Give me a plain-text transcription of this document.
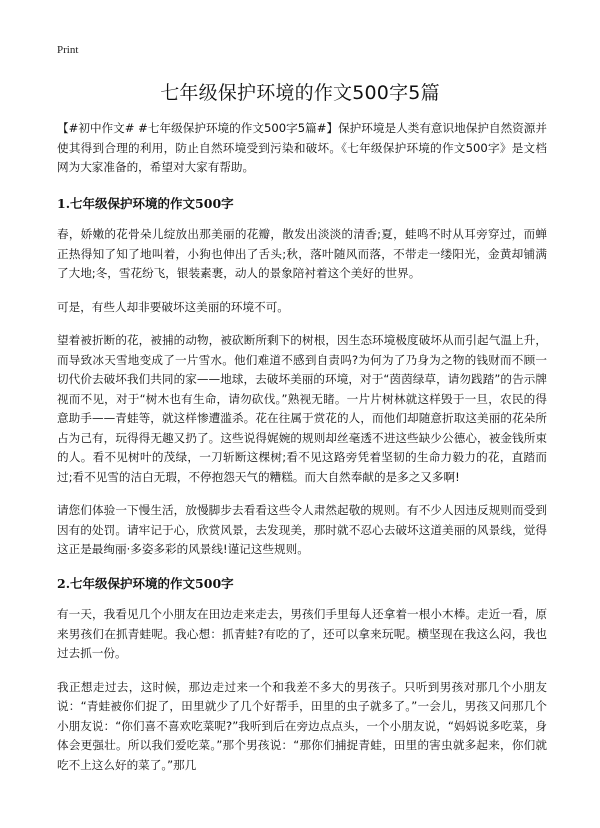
Print
七年级保护环境的作文500字5篇

【#初中作文# #七年级保护环境的作文500字5篇#】保护环境是人类有意识地保护自然资源并使其得到合理的利用，防止自然环境受到污染和破坏。《七年级保护环境的作文500字》是文档网为大家准备的，希望对大家有帮助。

1.七年级保护环境的作文500字

春，娇嫩的花骨朵儿绽放出那美丽的花瓣，散发出淡淡的清香;夏，蛙鸣不时从耳旁穿过，而蝉正热得知了知了地叫着，小狗也伸出了舌头;秋，落叶随风而落，不带走一缕阳光，金黄却铺满了大地;冬，雪花纷飞，银装素裹，动人的景象陪衬着这个美好的世界。

可是，有些人却非要破坏这美丽的环境不可。

望着被折断的花，被捕的动物，被砍断所剩下的树根，因生态环境极度破坏从而引起气温上升，而导致冰天雪地变成了一片雪水。他们难道不感到自责吗?为何为了乃身为之物的钱财而不顾一切代价去破坏我们共同的家——地球，去破坏美丽的环境，对于“茵茵绿草，请勿践踏”的告示牌视而不见，对于“树木也有生命，请勿砍伐。”熟视无睹。一片片树林就这样毁于一旦，农民的得意助手——青蛙等，就这样惨遭滥杀。花在往属于赏花的人，而他们却随意折取这美丽的花朵所占为己有，玩得得无趣又扔了。这些说得娓婉的规则却丝毫透不进这些缺少公德心，被金钱所束的人。看不见树叶的茂绿，一刀斩断这棵树;看不见这路旁凭着坚韧的生命力毅力的花，直踏而过;看不见雪的洁白无瑕，不停抱怨天气的糟糕。而大自然奉献的是多之又多啊!

请您们体验一下慢生活，放慢脚步去看看这些令人肃然起敬的规则。有不少人因违反规则而受到因有的处罚。请牢记于心，欣赏风景，去发现美，那时就不忍心去破坏这道美丽的风景线，觉得这正是最绚丽·多姿多彩的风景线!谨记这些规则。

2.七年级保护环境的作文500字

有一天，我看见几个小朋友在田边走来走去，男孩们手里每人还拿着一根小木棒。走近一看，原来男孩们在抓青蛙呢。我心想：抓青蛙?有吃的了，还可以拿来玩呢。横坚现在我这么闷，我也过去抓一份。

我正想走过去，这时候，那边走过来一个和我差不多大的男孩子。只听到男孩对那几个小朋友说：“青蛙被你们捉了，田里就少了几个好帮手，田里的虫子就多了。”一会儿，男孩又问那几个小朋友说：“你们喜不喜欢吃菜呢?”我听到后在旁边点点头，一个小朋友说，“妈妈说多吃菜，身体会更强壮。所以我们爱吃菜。”那个男孩说：“那你们捕捉青蛙，田里的害虫就多起来，你们就吃不上这么好的菜了。”那几
